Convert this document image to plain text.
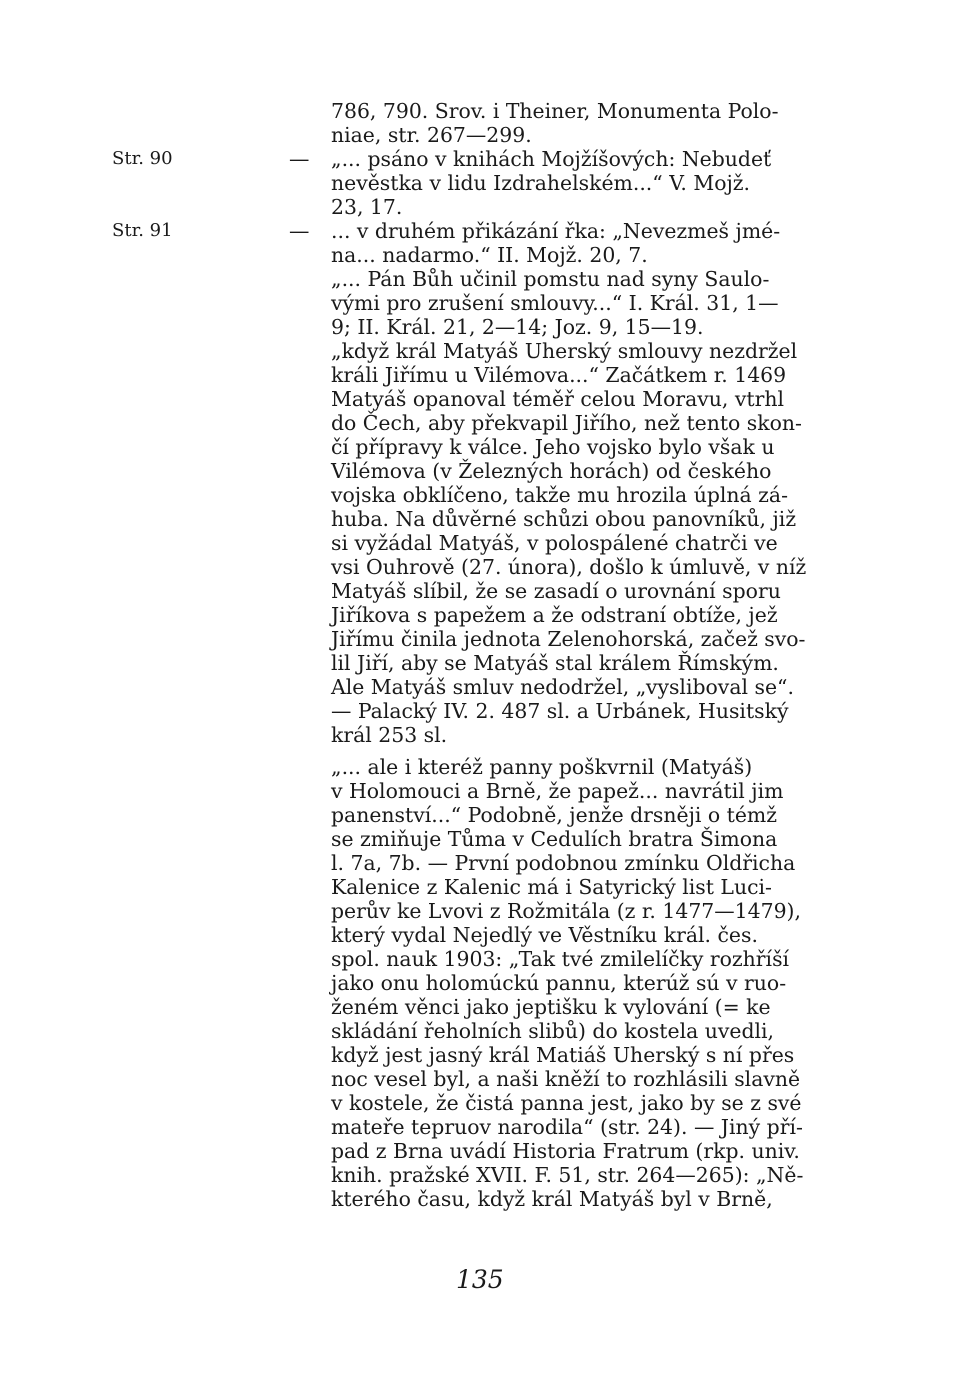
Str. 90
Str. 91
—
—
786, 790. Srov. i Theiner, Monumenta Polo-
niae, str. 267—299.
„... psáno v knihách Mojžíšových: Nebudeť
nevěstka v lidu Izdrahelském...“ V. Mojž.
23, 17.
... v druhém přikázání řka: „Nevezmeš jmé-
na... nadarmo.“ II. Mojž. 20, 7.
„... Pán Bůh učinil pomstu nad syny Saulo-
vými pro zrušení smlouvy...“ I. Král. 31, 1—
9; II. Král. 21, 2—14; Joz. 9, 15—19.
„když král Matyáš Uherský smlouvy nezdržel
králi Jiřímu u Vilémova...“ Začátkem r. 1469
Matyáš opanoval téměř celou Moravu, vtrhl
do Čech, aby překvapil Jiřího, než tento skon-
čí přípravy k válce. Jeho vojsko bylo však u
Vilémova (v Železných horách) od českého
vojska obklíčeno, takže mu hrozila úplná zá-
huba. Na důvěrné schůzi obou panovníků, již
si vyžádal Matyáš, v polospálené chatrči ve
vsi Ouhrově (27. února), došlo k úmluvě, v níž
Matyáš slíbil, že se zasadí o urovnání sporu
Jiříkova s papežem a že odstraní obtíže, jež
Jiřímu činila jednota Zelenohorská, začež svo-
lil Jiří, aby se Matyáš stal králem Římským.
Ale Matyáš smluv nedodržel, „vysliboval se“.
— Palacký IV. 2. 487 sl. a Urbánek, Husitský
král 253 sl.
„... ale i kteréž panny poškvrnil (Matyáš)
v Holomouci a Brně, že papež... navrátil jim
panenství...“ Podobně, jenže drsněji o témž
se zmiňuje Tůma v Cedulích bratra Šimona
l. 7a, 7b. — První podobnou zmínku Oldřicha
Kalenice z Kalenic má i Satyrický list Luci-
perův ke Lvovi z Rožmitála (z r. 1477—1479),
který vydal Nejedlý ve Věstníku král. čes.
spol. nauk 1903: „Tak tvé zmilelíčky rozhříší
jako onu holomúckú pannu, kterúž sú v ruo-
ženém věnci jako jeptišku k vylování (= ke
skládání řeholních slibů) do kostela uvedli,
když jest jasný král Matiáš Uherský s ní přes
noc vesel byl, a naši kněží to rozhlásili slavně
v kostele, že čistá panna jest, jako by se z své
mateře tepruov narodila“ (str. 24). — Jiný pří-
pad z Brna uvádí Historia Fratrum (rkp. univ.
knih. pražské XVII. F. 51, str. 264—265): „Ně-
kterého času, když král Matyáš byl v Brně,
135
